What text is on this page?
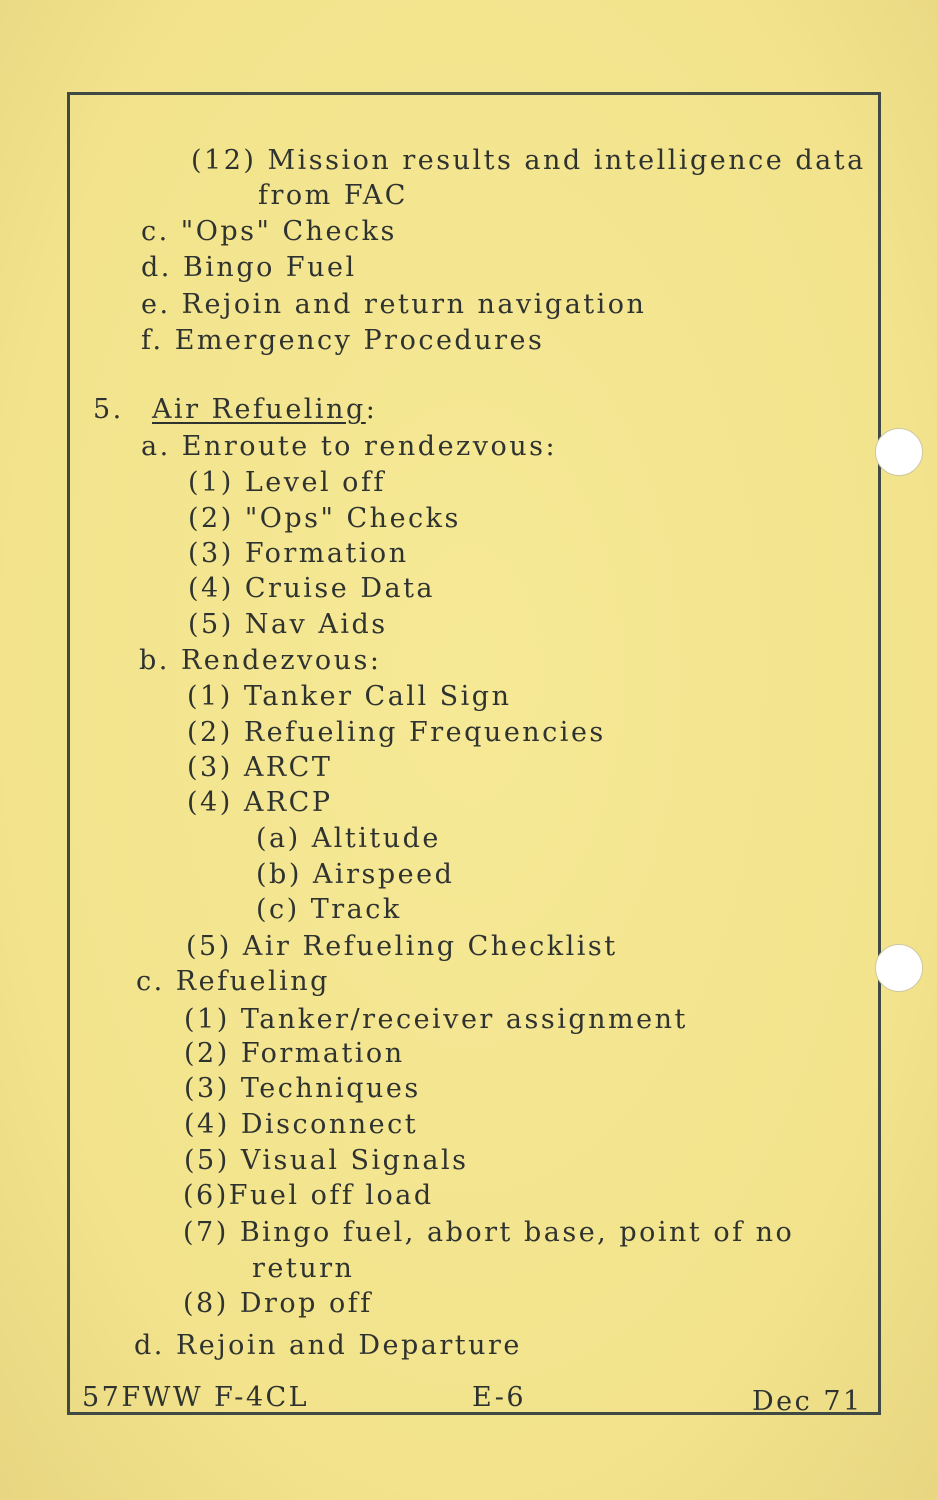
(12) Mission results and intelligence data
from FAC
c. "Ops" Checks
d. Bingo Fuel
e. Rejoin and return navigation
f. Emergency Procedures
5. Air Refueling:
a. Enroute to rendezvous:
(1) Level off
(2) "Ops" Checks
(3) Formation
(4) Cruise Data
(5) Nav Aids
b. Rendezvous:
(1) Tanker Call Sign
(2) Refueling Frequencies
(3) ARCT
(4) ARCP
(a) Altitude
(b) Airspeed
(c) Track
(5) Air Refueling Checklist
c. Refueling
(1) Tanker/receiver assignment
(2) Formation
(3) Techniques
(4) Disconnect
(5) Visual Signals
(6)Fuel off load
(7) Bingo fuel, abort base, point of no
return
(8) Drop off
d. Rejoin and Departure
57FWW F-4CL	E-6	Dec 71
